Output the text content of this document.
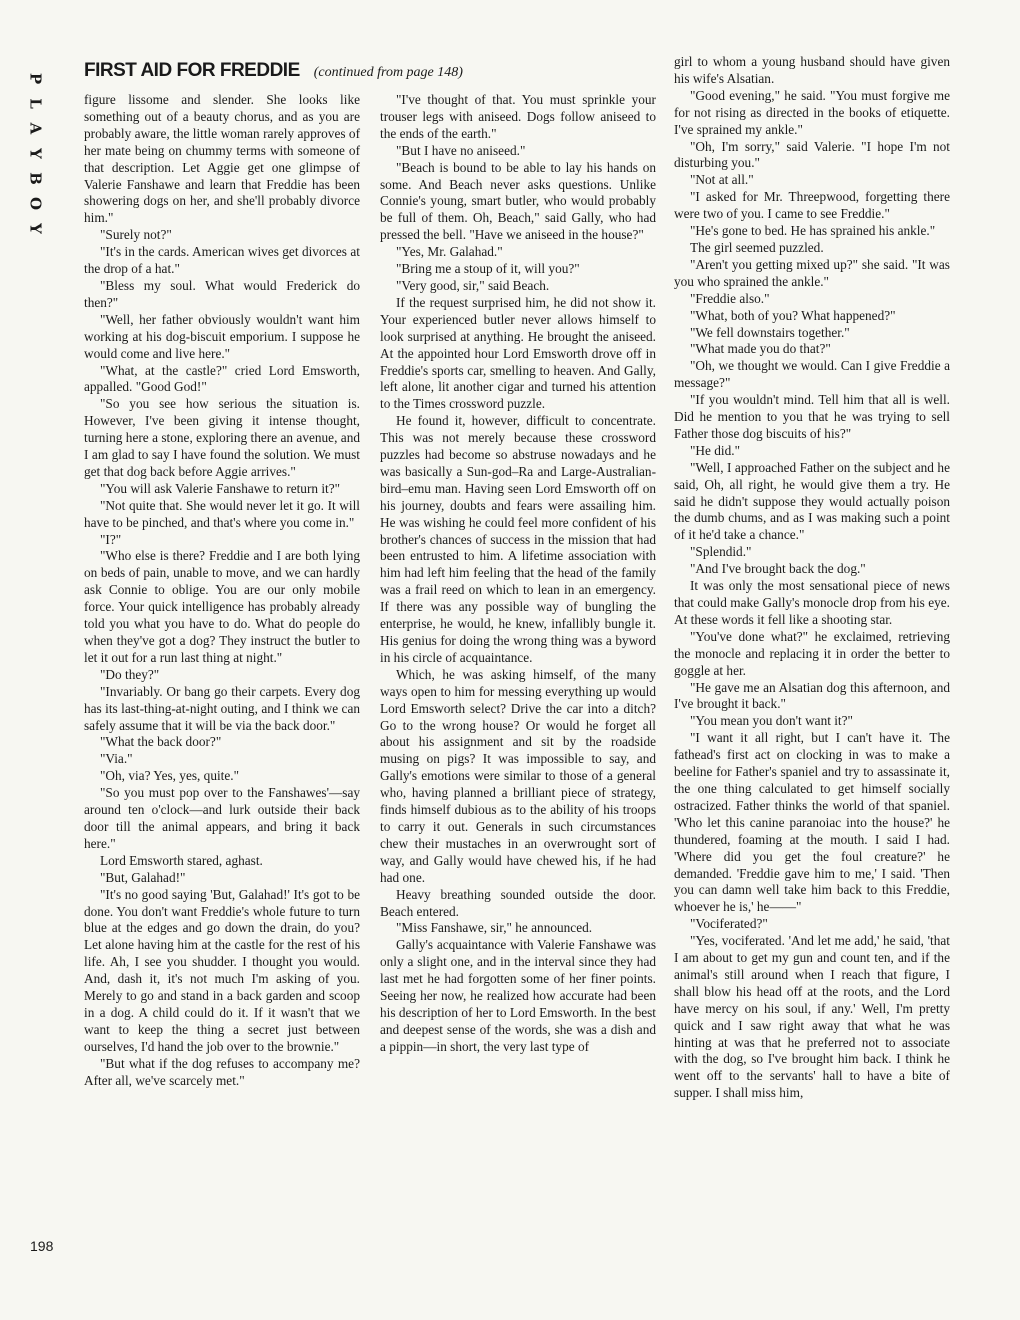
P
L
A
Y
B
O
Y
FIRST AID FOR FREDDIE (continued from page 148)

figure lissome and slender. She looks like something out of a beauty chorus, and as you are probably aware, the little woman rarely approves of her mate being on chummy terms with someone of that description. Let Aggie get one glimpse of Valerie Fanshawe and learn that Freddie has been showering dogs on her, and she'll probably divorce him."

"Surely not?"

"It's in the cards. American wives get divorces at the drop of a hat."

"Bless my soul. What would Frederick do then?"

"Well, her father obviously wouldn't want him working at his dog-biscuit emporium. I suppose he would come and live here."

"What, at the castle?" cried Lord Emsworth, appalled. "Good God!"

"So you see how serious the situation is. However, I've been giving it intense thought, turning here a stone, exploring there an avenue, and I am glad to say I have found the solution. We must get that dog back before Aggie arrives."

"You will ask Valerie Fanshawe to return it?"

"Not quite that. She would never let it go. It will have to be pinched, and that's where you come in."

"I?"

"Who else is there? Freddie and I are both lying on beds of pain, unable to move, and we can hardly ask Connie to oblige. You are our only mobile force. Your quick intelligence has probably already told you what you have to do. What do people do when they've got a dog? They instruct the butler to let it out for a run last thing at night."

"Do they?"

"Invariably. Or bang go their carpets. Every dog has its last-thing-at-night outing, and I think we can safely assume that it will be via the back door."

"What the back door?"

"Via."

"Oh, via? Yes, yes, quite."

"So you must pop over to the Fanshawes'—say around ten o'clock—and lurk outside their back door till the animal appears, and bring it back here."

Lord Emsworth stared, aghast.

"But, Galahad!"

"It's no good saying 'But, Galahad!' It's got to be done. You don't want Freddie's whole future to turn blue at the edges and go down the drain, do you? Let alone having him at the castle for the rest of his life. Ah, I see you shudder. I thought you would. And, dash it, it's not much I'm asking of you. Merely to go and stand in a back garden and scoop in a dog. A child could do it. If it wasn't that we want to keep the thing a secret just between ourselves, I'd hand the job over to the brownie."

"But what if the dog refuses to accompany me? After all, we've scarcely met."

"I've thought of that. You must sprinkle your trouser legs with aniseed. Dogs follow aniseed to the ends of the earth."

"But I have no aniseed."

"Beach is bound to be able to lay his hands on some. And Beach never asks questions. Unlike Connie's young, smart butler, who would probably be full of them. Oh, Beach," said Gally, who had pressed the bell. "Have we aniseed in the house?"

"Yes, Mr. Galahad."

"Bring me a stoup of it, will you?"

"Very good, sir," said Beach.

If the request surprised him, he did not show it. Your experienced butler never allows himself to look surprised at anything. He brought the aniseed. At the appointed hour Lord Emsworth drove off in Freddie's sports car, smelling to heaven. And Gally, left alone, lit another cigar and turned his attention to the Times crossword puzzle.

He found it, however, difficult to concentrate. This was not merely because these crossword puzzles had become so abstruse nowadays and he was basically a Sun-god–Ra and Large-Australian-bird–emu man. Having seen Lord Emsworth off on his journey, doubts and fears were assailing him. He was wishing he could feel more confident of his brother's chances of success in the mission that had been entrusted to him. A lifetime association with him had left him feeling that the head of the family was a frail reed on which to lean in an emergency. If there was any possible way of bungling the enterprise, he would, he knew, infallibly bungle it. His genius for doing the wrong thing was a byword in his circle of acquaintance.

Which, he was asking himself, of the many ways open to him for messing everything up would Lord Emsworth select? Drive the car into a ditch? Go to the wrong house? Or would he forget all about his assignment and sit by the roadside musing on pigs? It was impossible to say, and Gally's emotions were similar to those of a general who, having planned a brilliant piece of strategy, finds himself dubious as to the ability of his troops to carry it out. Generals in such circumstances chew their mustaches in an overwrought sort of way, and Gally would have chewed his, if he had had one.

Heavy breathing sounded outside the door. Beach entered.

"Miss Fanshawe, sir," he announced.

Gally's acquaintance with Valerie Fanshawe was only a slight one, and in the interval since they had last met he had forgotten some of her finer points. Seeing her now, he realized how accurate had been his description of her to Lord Emsworth. In the best and deepest sense of the words, she was a dish and a pippin—in short, the very last type of

girl to whom a young husband should have given his wife's Alsatian.

"Good evening," he said. "You must forgive me for not rising as directed in the books of etiquette. I've sprained my ankle."

"Oh, I'm sorry," said Valerie. "I hope I'm not disturbing you."

"Not at all."

"I asked for Mr. Threepwood, forgetting there were two of you. I came to see Freddie."

"He's gone to bed. He has sprained his ankle."

The girl seemed puzzled.

"Aren't you getting mixed up?" she said. "It was you who sprained the ankle."

"Freddie also."

"What, both of you? What happened?"

"We fell downstairs together."

"What made you do that?"

"Oh, we thought we would. Can I give Freddie a message?"

"If you wouldn't mind. Tell him that all is well. Did he mention to you that he was trying to sell Father those dog biscuits of his?"

"He did."

"Well, I approached Father on the subject and he said, Oh, all right, he would give them a try. He said he didn't suppose they would actually poison the dumb chums, and as I was making such a point of it he'd take a chance."

"Splendid."

"And I've brought back the dog."

It was only the most sensational piece of news that could make Gally's monocle drop from his eye. At these words it fell like a shooting star.

"You've done what?" he exclaimed, retrieving the monocle and replacing it in order the better to goggle at her.

"He gave me an Alsatian dog this afternoon, and I've brought it back."

"You mean you don't want it?"

"I want it all right, but I can't have it. The fathead's first act on clocking in was to make a beeline for Father's spaniel and try to assassinate it, the one thing calculated to get himself socially ostracized. Father thinks the world of that spaniel. 'Who let this canine paranoiac into the house?' he thundered, foaming at the mouth. I said I had. 'Where did you get the foul creature?' he demanded. 'Freddie gave him to me,' I said. 'Then you can damn well take him back to this Freddie, whoever he is,' he——"

"Vociferated?"

"Yes, vociferated. 'And let me add,' he said, 'that I am about to get my gun and count ten, and if the animal's still around when I reach that figure, I shall blow his head off at the roots, and the Lord have mercy on his soul, if any.' Well, I'm pretty quick and I saw right away that what he was hinting at was that he preferred not to associate with the dog, so I've brought him back. I think he went off to the servants' hall to have a bite of supper. I shall miss him,

198
